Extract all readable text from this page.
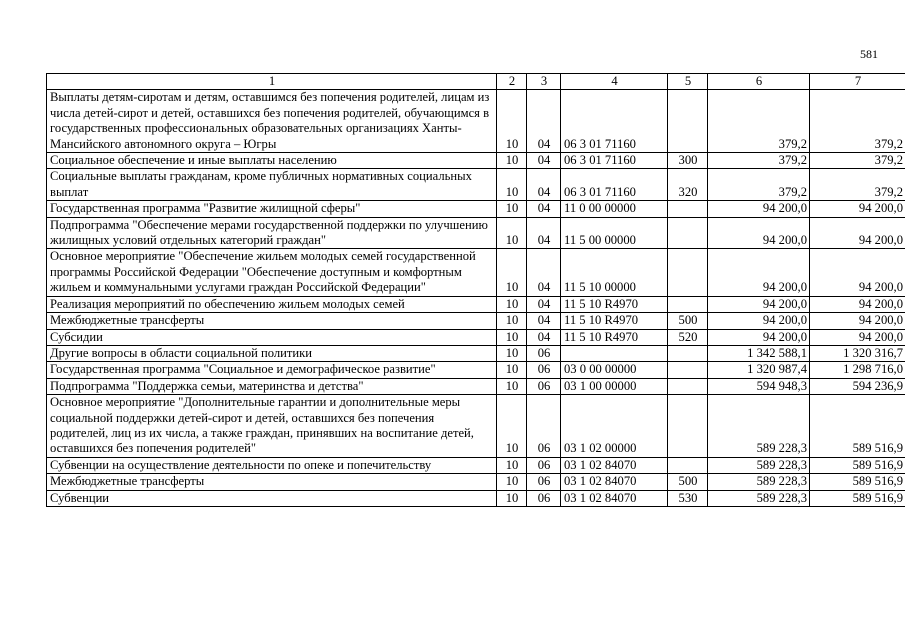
581
1	2	3	4	5	6	7
Выплаты детям-сиротам и детям, оставшимся без попечения родителей, лицам из числа детей-сирот и детей, оставшихся без попечения родителей, обучающимся в государственных профессиональных образовательных организациях Ханты-Мансийского автономного округа – Югры	10	04	06 3 01 71160		379,2	379,2
Социальное обеспечение и иные выплаты населению	10	04	06 3 01 71160	300	379,2	379,2
Социальные выплаты гражданам, кроме публичных нормативных социальных выплат	10	04	06 3 01 71160	320	379,2	379,2
Государственная программа "Развитие жилищной сферы"	10	04	11 0 00 00000		94 200,0	94 200,0
Подпрограмма "Обеспечение мерами государственной поддержки по улучшению жилищных условий отдельных категорий граждан"	10	04	11 5 00 00000		94 200,0	94 200,0
Основное мероприятие "Обеспечение жильем молодых семей государственной программы Российской Федерации "Обеспечение доступным и комфортным жильем и коммунальными услугами граждан Российской Федерации"	10	04	11 5 10 00000		94 200,0	94 200,0
Реализация мероприятий по обеспечению жильем молодых семей	10	04	11 5 10 R4970		94 200,0	94 200,0
Межбюджетные трансферты	10	04	11 5 10 R4970	500	94 200,0	94 200,0
Субсидии	10	04	11 5 10 R4970	520	94 200,0	94 200,0
Другие вопросы в области социальной политики	10	06			1 342 588,1	1 320 316,7
Государственная программа "Социальное и демографическое развитие"	10	06	03 0 00 00000		1 320 987,4	1 298 716,0
Подпрограмма "Поддержка семьи, материнства и детства"	10	06	03 1 00 00000		594 948,3	594 236,9
Основное мероприятие "Дополнительные гарантии и дополнительные меры социальной поддержки детей-сирот и детей, оставшихся без попечения родителей, лиц из их числа, а также граждан, принявших на воспитание детей, оставшихся без попечения родителей"	10	06	03 1 02 00000		589 228,3	589 516,9
Субвенции на осуществление деятельности по опеке и попечительству	10	06	03 1 02 84070		589 228,3	589 516,9
Межбюджетные трансферты	10	06	03 1 02 84070	500	589 228,3	589 516,9
Субвенции	10	06	03 1 02 84070	530	589 228,3	589 516,9
